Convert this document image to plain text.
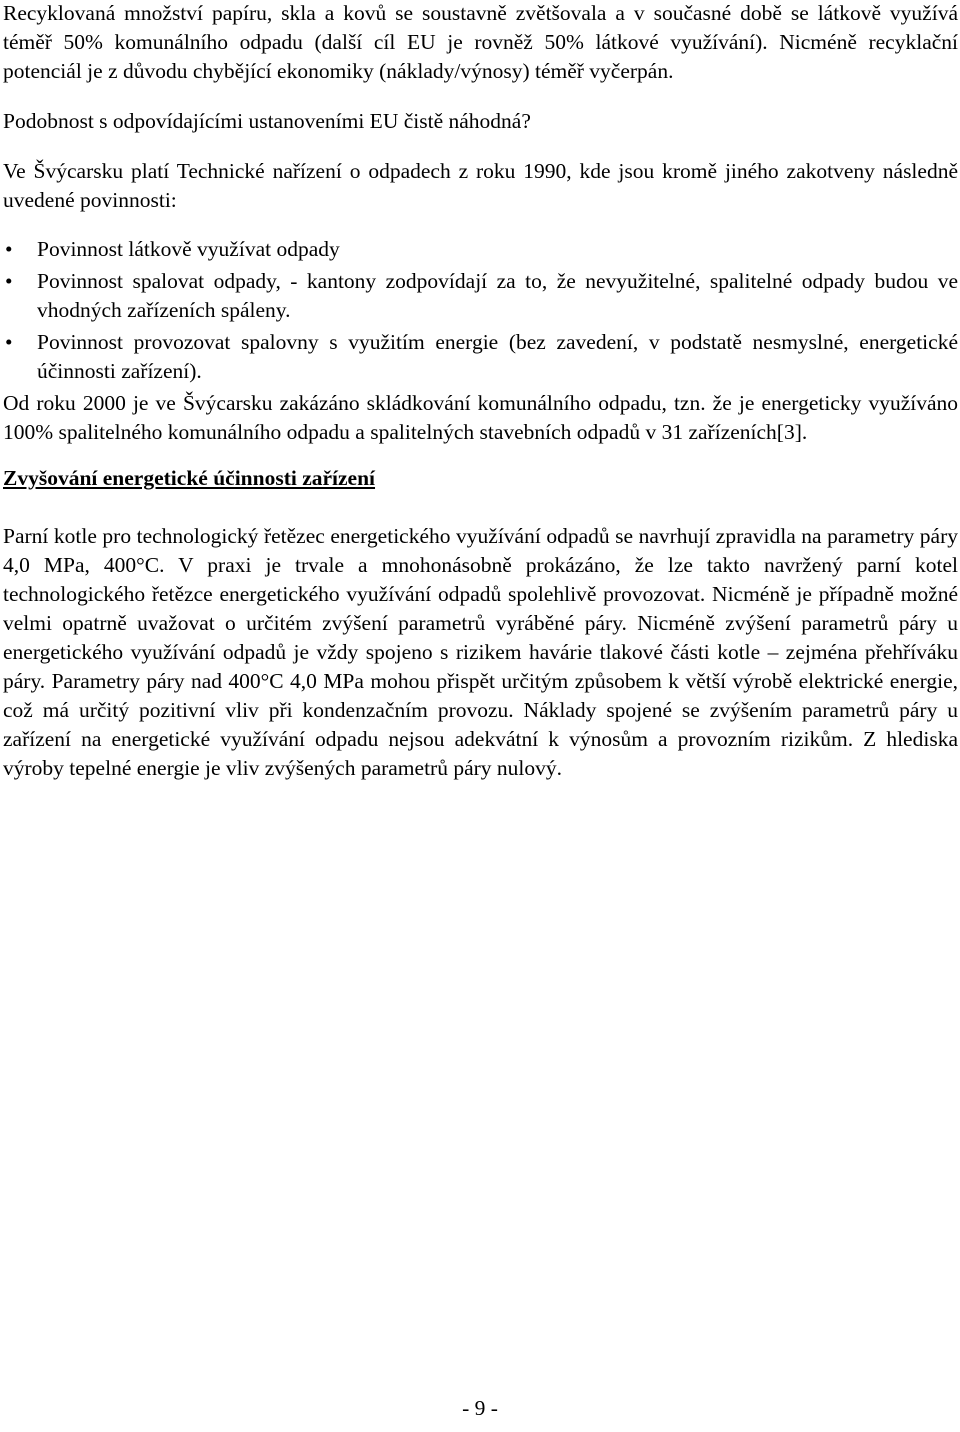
Recyklovaná množství papíru, skla a kovů se soustavně zvětšovala a v současné době se látkově využívá téměř 50% komunálního odpadu (další cíl EU je rovněž 50% látkové využívání). Nicméně recyklační potenciál je z důvodu chybějící ekonomiky (náklady/výnosy) téměř vyčerpán.

Podobnost s odpovídajícími ustanoveními EU čistě náhodná?

Ve Švýcarsku platí Technické nařízení o odpadech z roku 1990, kde jsou kromě jiného zakotveny následně uvedené povinnosti:

• Povinnost látkově využívat odpady
• Povinnost spalovat odpady, - kantony zodpovídají za to, že nevyužitelné, spalitelné odpady budou ve vhodných zařízeních spáleny.
• Povinnost provozovat spalovny s využitím energie (bez zavedení, v podstatě nesmyslné, energetické účinnosti zařízení).

Od roku 2000 je ve Švýcarsku zakázáno skládkování komunálního odpadu, tzn. že je energeticky využíváno 100% spalitelného komunálního odpadu a spalitelných stavebních odpadů v 31 zařízeních[3].

Zvyšování energetické účinnosti zařízení

Parní kotle pro technologický řetězec energetického využívání odpadů se navrhují zpravidla na parametry páry 4,0 MPa, 400°C. V praxi je trvale a mnohonásobně prokázáno, že lze takto navržený parní kotel technologického řetězce energetického využívání odpadů spolehlivě provozovat. Nicméně je případně možné velmi opatrně uvažovat o určitém zvýšení parametrů vyráběné páry. Nicméně zvýšení parametrů páry u energetického využívání odpadů je vždy spojeno s rizikem havárie tlakové části kotle – zejména přehříváku páry. Parametry páry nad 400°C 4,0 MPa mohou přispět určitým způsobem k větší výrobě elektrické energie, což má určitý pozitivní vliv při kondenzačním provozu. Náklady spojené se zvýšením parametrů páry u zařízení na energetické využívání odpadu nejsou adekvátní k výnosům a provozním rizikům. Z hlediska výroby tepelné energie je vliv zvýšených parametrů páry nulový.

- 9 -
